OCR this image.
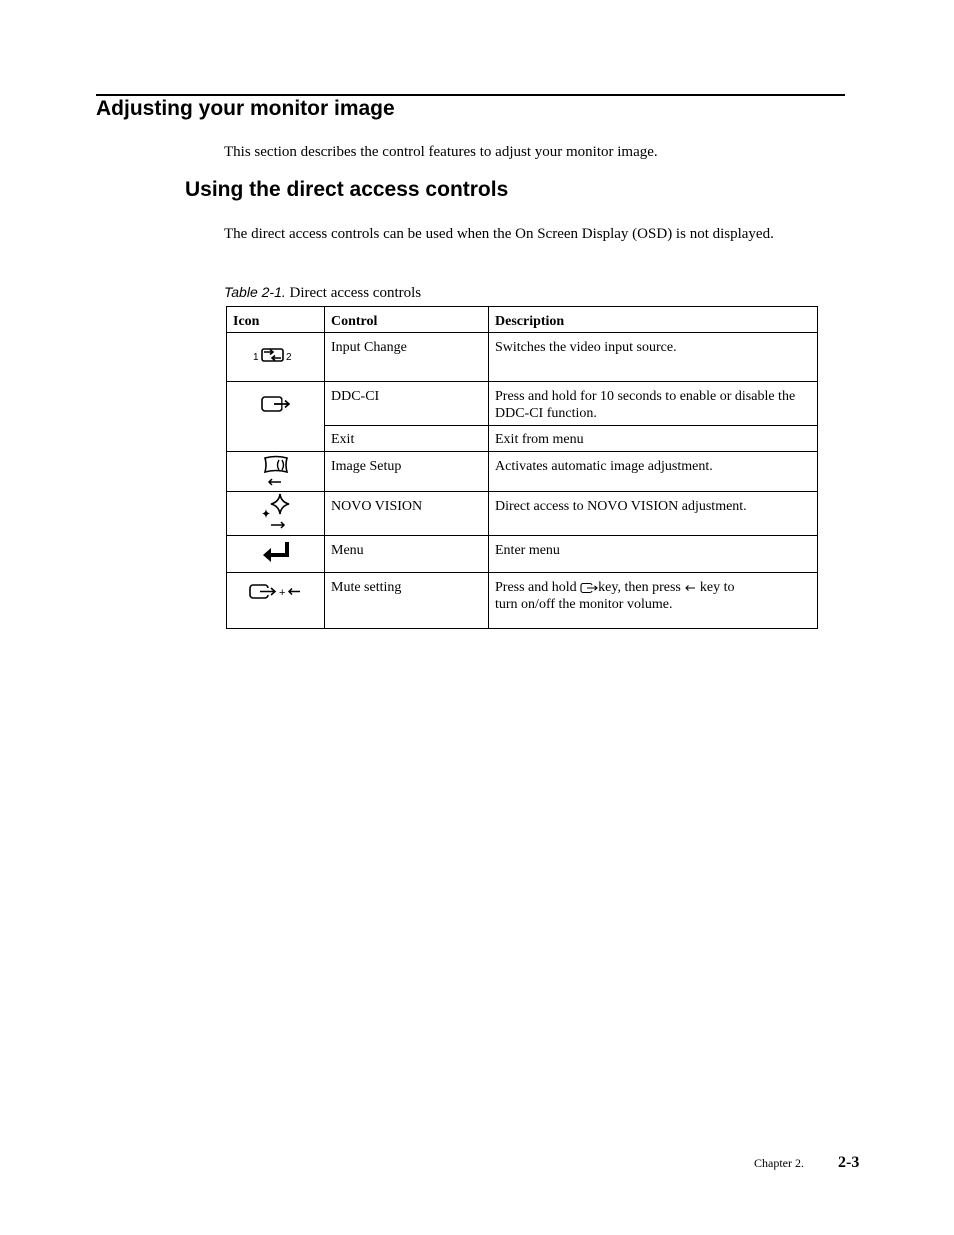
Adjusting your monitor image

This section describes the control features to adjust your monitor image.

Using the direct access controls

The direct access controls can be used when the On Screen Display (OSD) is not displayed.

Table 2-1. Direct access controls
Icon	Control	Description

1 2	Input Change	Switches the video input source.
	DDC-CI	Press and hold for 10 seconds to enable or disable the DDC-CI function.
	Exit	Exit from menu
	Image Setup	Activates automatic image adjustment.
	NOVO VISION	Direct access to NOVO VISION adjustment.
	Menu	Enter menu

+	Mute setting	Press and hold key, then press key to
turn on/off the monitor volume.
Chapter 2. 2-3
